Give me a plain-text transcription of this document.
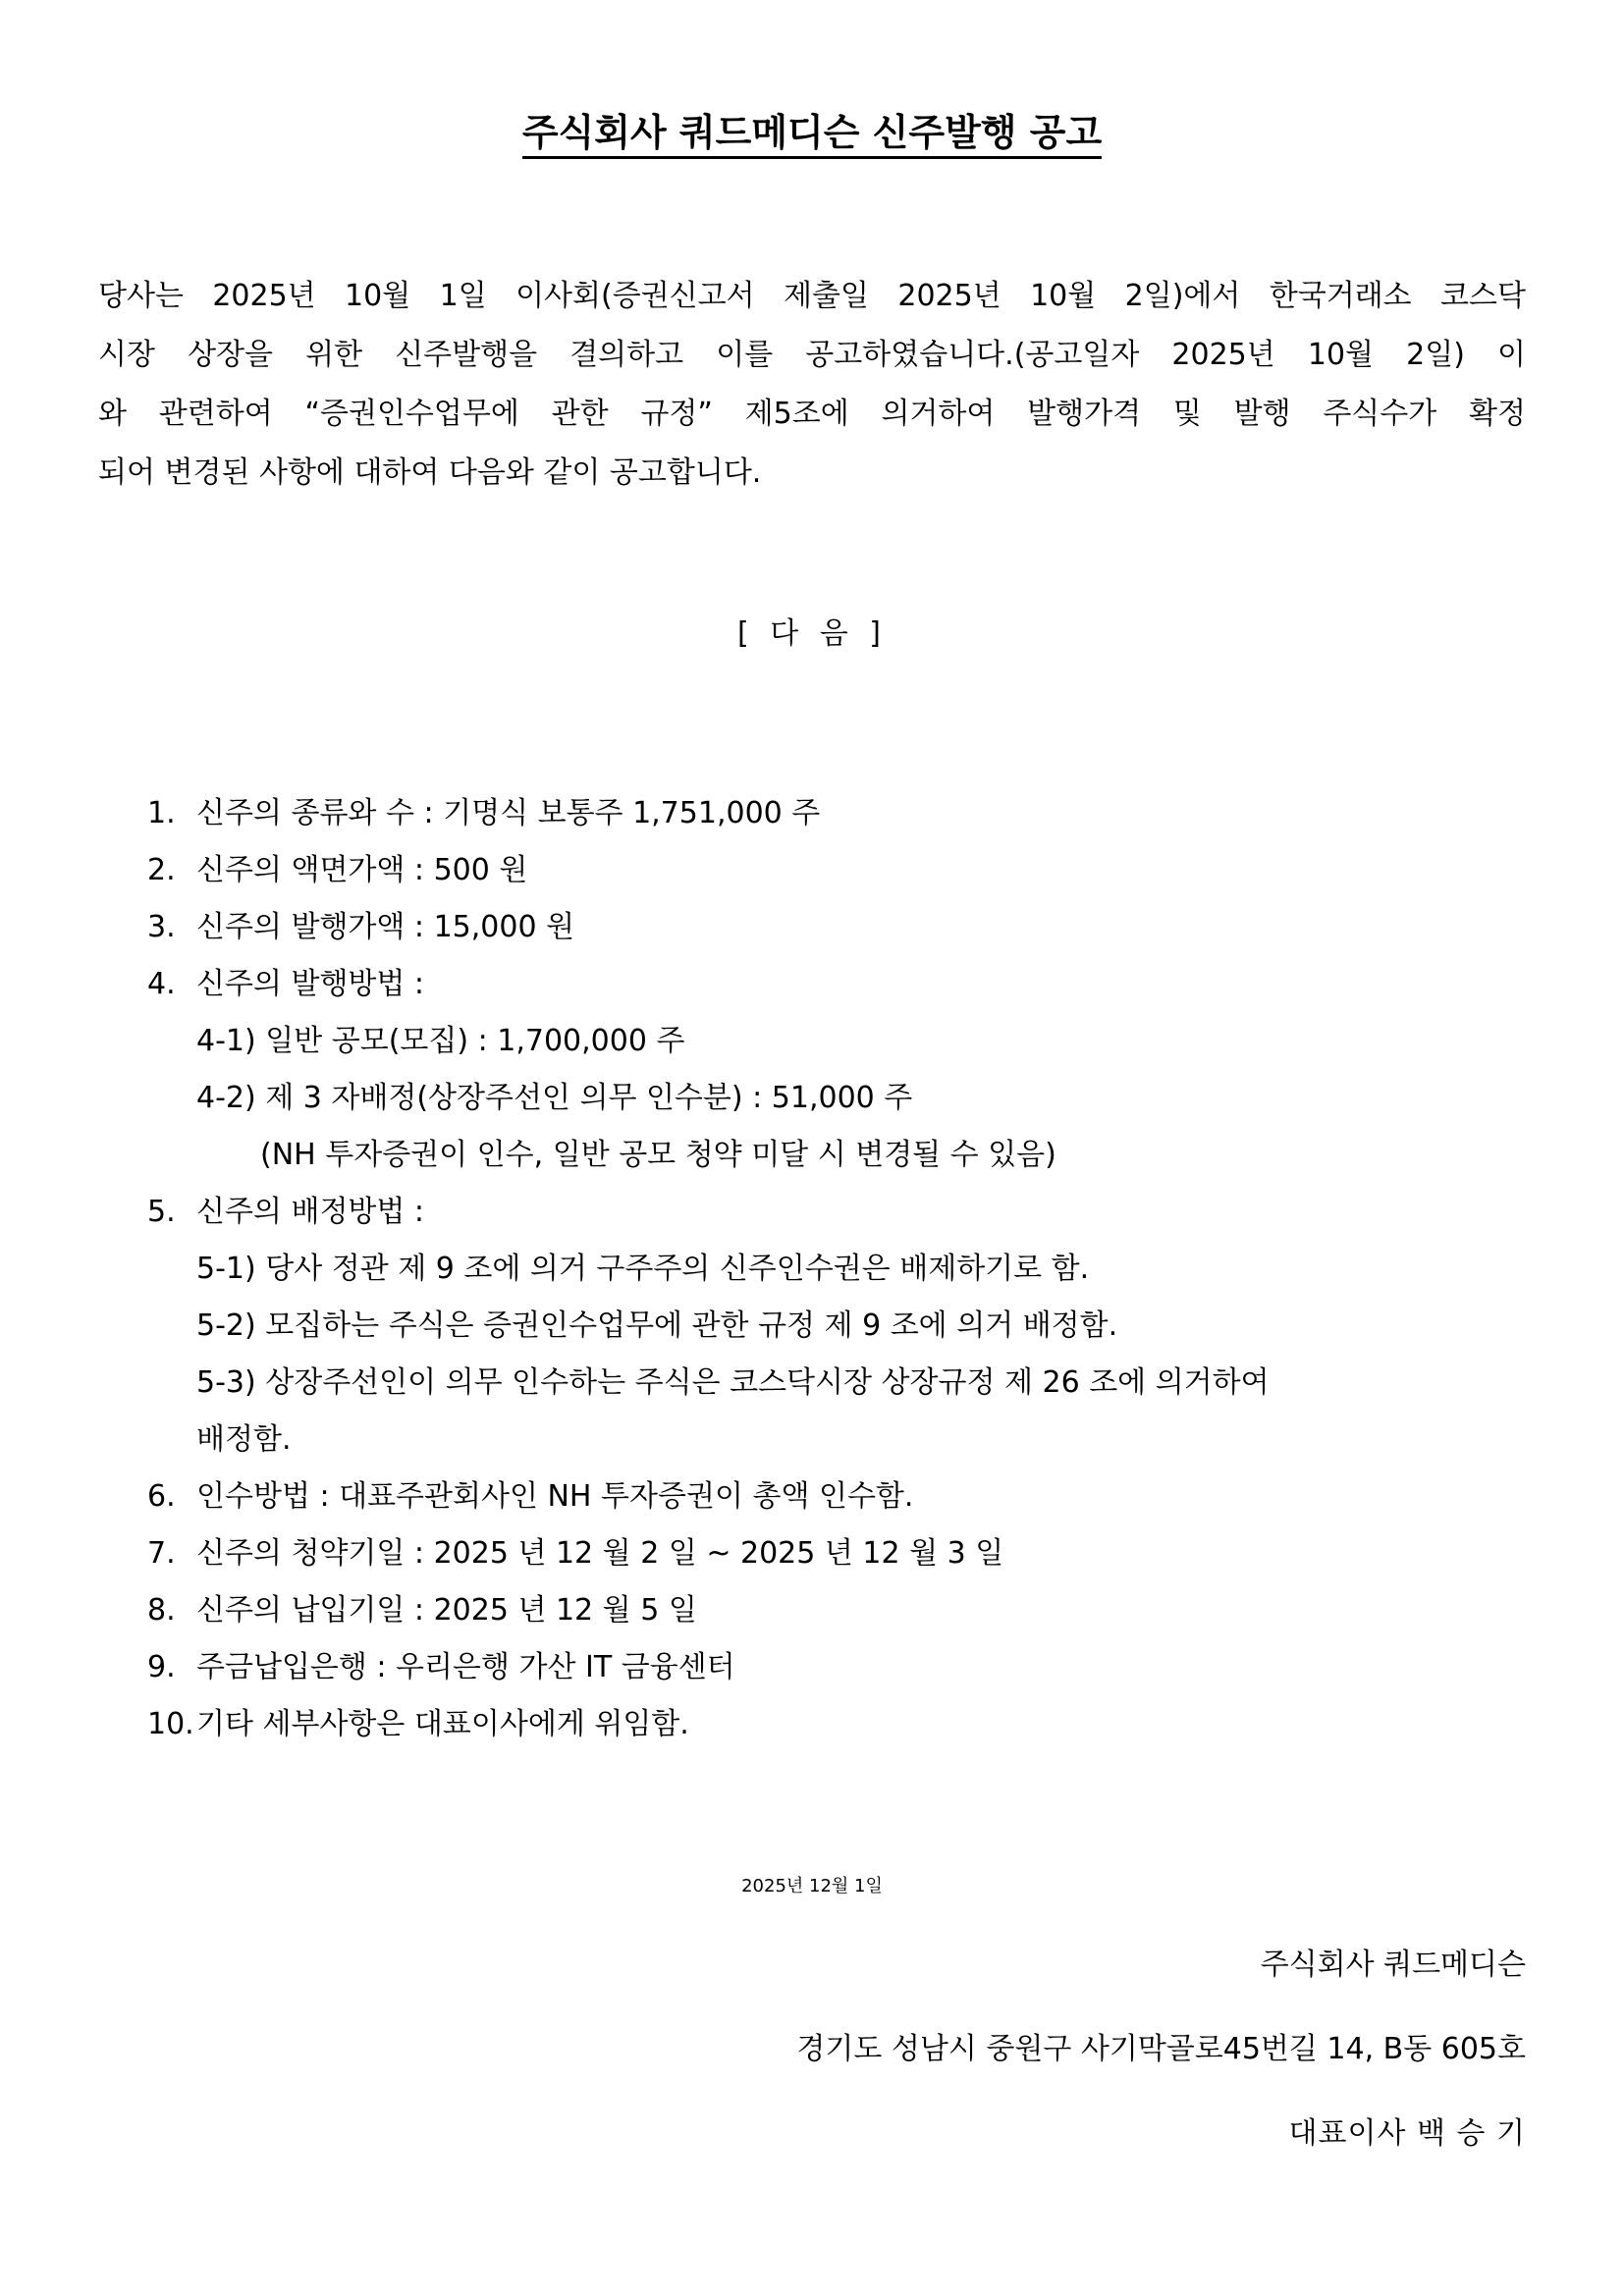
주식회사 쿼드메디슨 신주발행 공고
당사는 2025년 10월 1일 이사회(증권신고서 제출일 2025년 10월 2일)에서 한국거래소 코스닥
시장 상장을 위한 신주발행을 결의하고 이를 공고하였습니다.(공고일자 2025년 10월 2일) 이
와 관련하여 “증권인수업무에 관한 규정” 제5조에 의거하여 발행가격 및 발행 주식수가 확정
되어 변경된 사항에 대하여 다음와 같이 공고합니다.
[ 다 음 ]
1. 신주의 종류와 수 : 기명식 보통주 1,751,000 주
2. 신주의 액면가액 : 500 원
3. 신주의 발행가액 : 15,000 원
4. 신주의 발행방법 :
4-1) 일반 공모(모집) : 1,700,000 주
4-2) 제 3 자배정(상장주선인 의무 인수분) : 51,000 주
(NH 투자증권이 인수, 일반 공모 청약 미달 시 변경될 수 있음)
5. 신주의 배정방법 :
5-1) 당사 정관 제 9 조에 의거 구주주의 신주인수권은 배제하기로 함.
5-2) 모집하는 주식은 증권인수업무에 관한 규정 제 9 조에 의거 배정함.
5-3) 상장주선인이 의무 인수하는 주식은 코스닥시장 상장규정 제 26 조에 의거하여
배정함.
6. 인수방법 : 대표주관회사인 NH 투자증권이 총액 인수함.
7. 신주의 청약기일 : 2025 년 12 월 2 일 ~ 2025 년 12 월 3 일
8. 신주의 납입기일 : 2025 년 12 월 5 일
9. 주금납입은행 : 우리은행 가산 IT 금융센터
10. 기타 세부사항은 대표이사에게 위임함.
2025년 12월 1일
주식회사 쿼드메디슨
경기도 성남시 중원구 사기막골로45번길 14, B동 605호
대표이사 백 승 기
